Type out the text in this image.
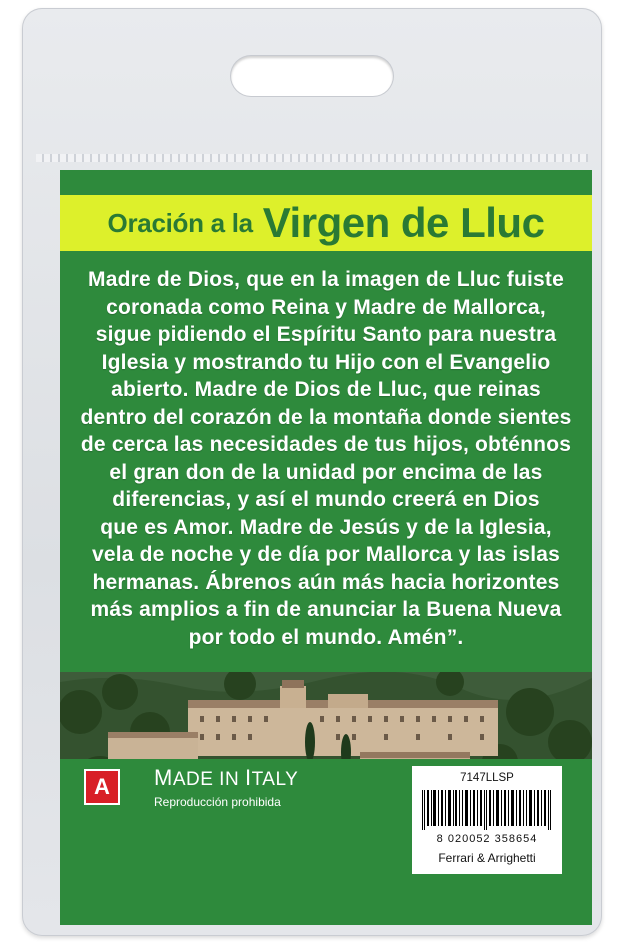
Oración a la Virgen de Lluc
Madre de Dios, que en la imagen de Lluc fuiste
coronada como Reina y Madre de Mallorca,
sigue pidiendo el Espíritu Santo para nuestra
Iglesia y mostrando tu Hijo con el Evangelio
abierto. Madre de Dios de Lluc, que reinas
dentro del corazón de la montaña donde sientes
de cerca las necesidades de tus hijos, obténnos
el gran don de la unidad por encima de las
diferencias, y así el mundo creerá en Dios
que es Amor. Madre de Jesús y de la Iglesia,
vela de noche y de día por Mallorca y las islas
hermanas. Ábrenos aún más hacia horizontes
más amplios a fin de anunciar la Buena Nueva
por todo el mundo. Amén”.
A	MADE IN ITALY
Reproducción prohibida
7147LLSP
8 020052 358654
Ferrari & Arrighetti
